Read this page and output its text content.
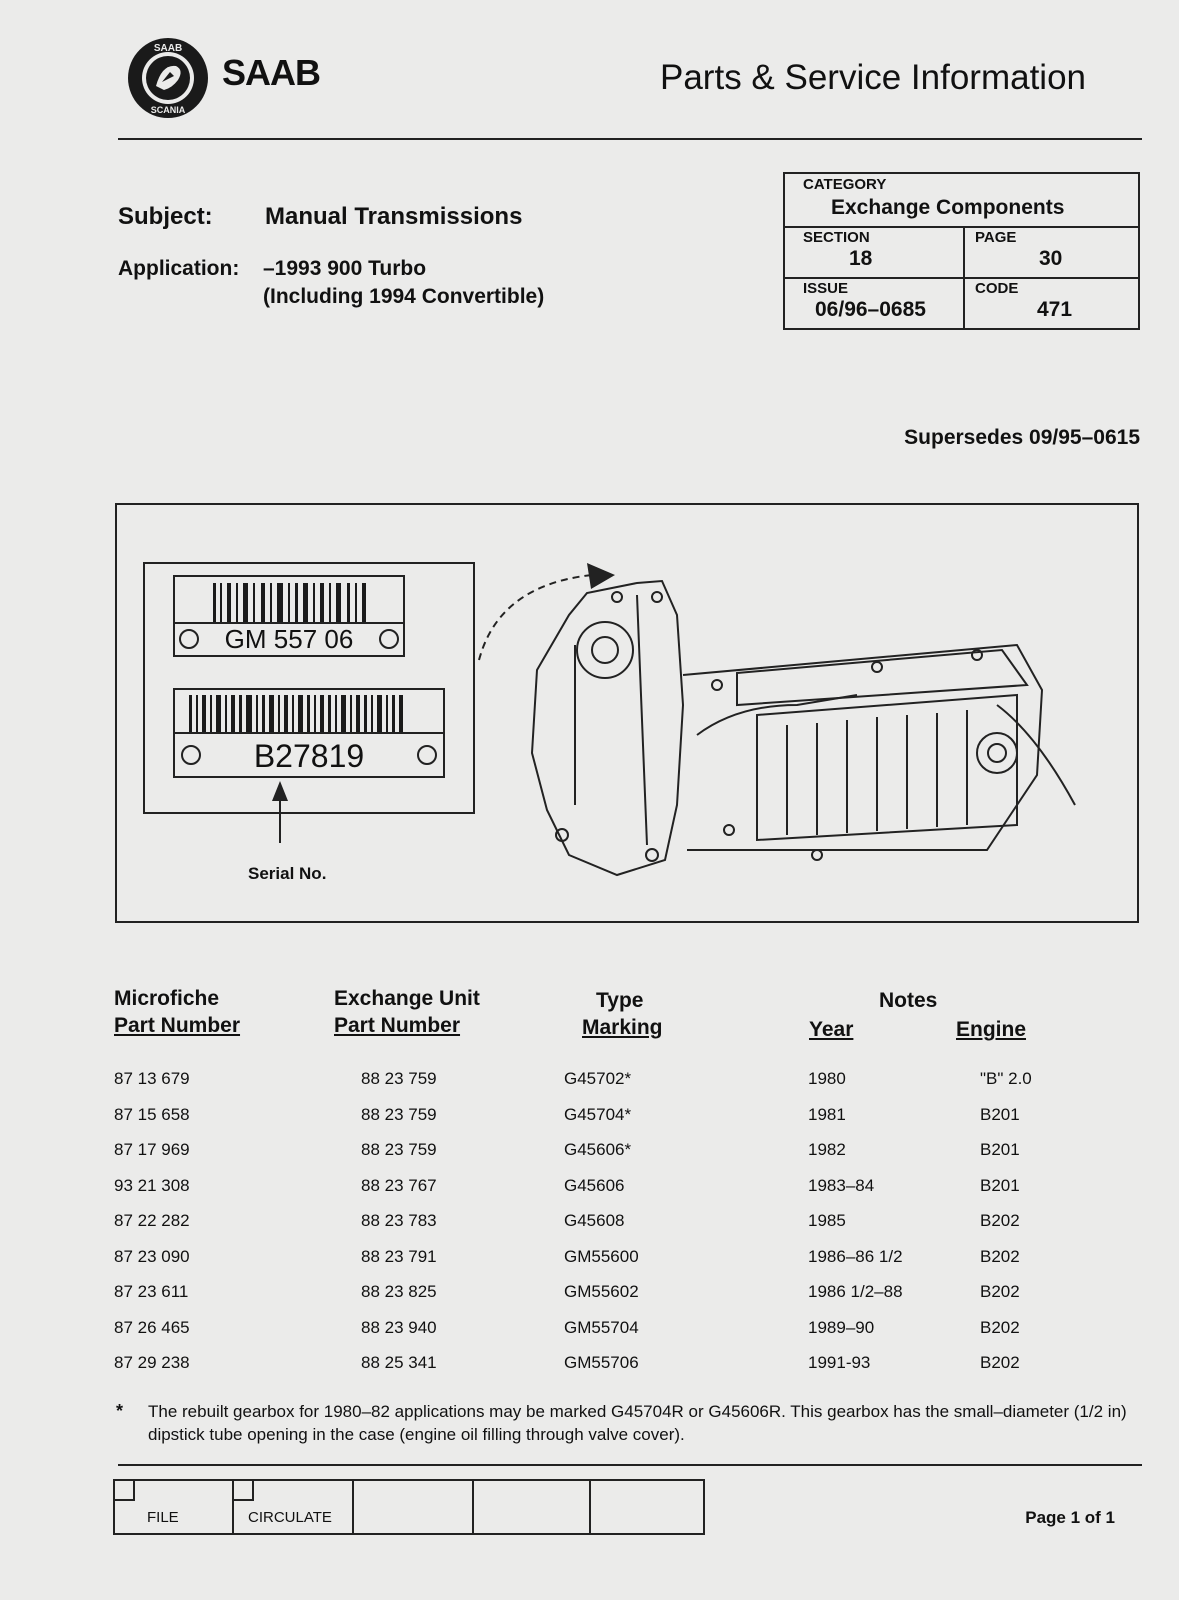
SAAB
SCANIA
SAAB	Parts & Service Information
Subject: Manual Transmissions
Application: –1993 900 Turbo
(Including 1994 Convertible)
CATEGORY
Exchange Components
SECTION
18
PAGE
30
ISSUE
06/96–0685
CODE
471
Supersedes 09/95–0615
GM 557 06
B27819
Serial No.
Microfiche
Part Number
Exchange Unit
Part Number
Type
Marking
Notes
Year	Engine
87 13 679	88 23 759	G45702*	1980	"B" 2.0
87 15 658	88 23 759	G45704*	1981	B201
87 17 969	88 23 759	G45606*	1982	B201
93 21 308	88 23 767	G45606	1983–84	B201
87 22 282	88 23 783	G45608	1985	B202
87 23 090	88 23 791	GM55600	1986–86 1/2	B202
87 23 611	88 23 825	GM55602	1986 1/2–88	B202
87 26 465	88 23 940	GM55704	1989–90	B202
87 29 238	88 25 341	GM55706	1991-93	B202
* The rebuilt gearbox for 1980–82 applications may be marked G45704R or G45606R. This gearbox has the small–diameter (1/2 in) dipstick tube opening in the case (engine oil filling through valve cover).
FILE	CIRCULATE	Page 1 of 1
